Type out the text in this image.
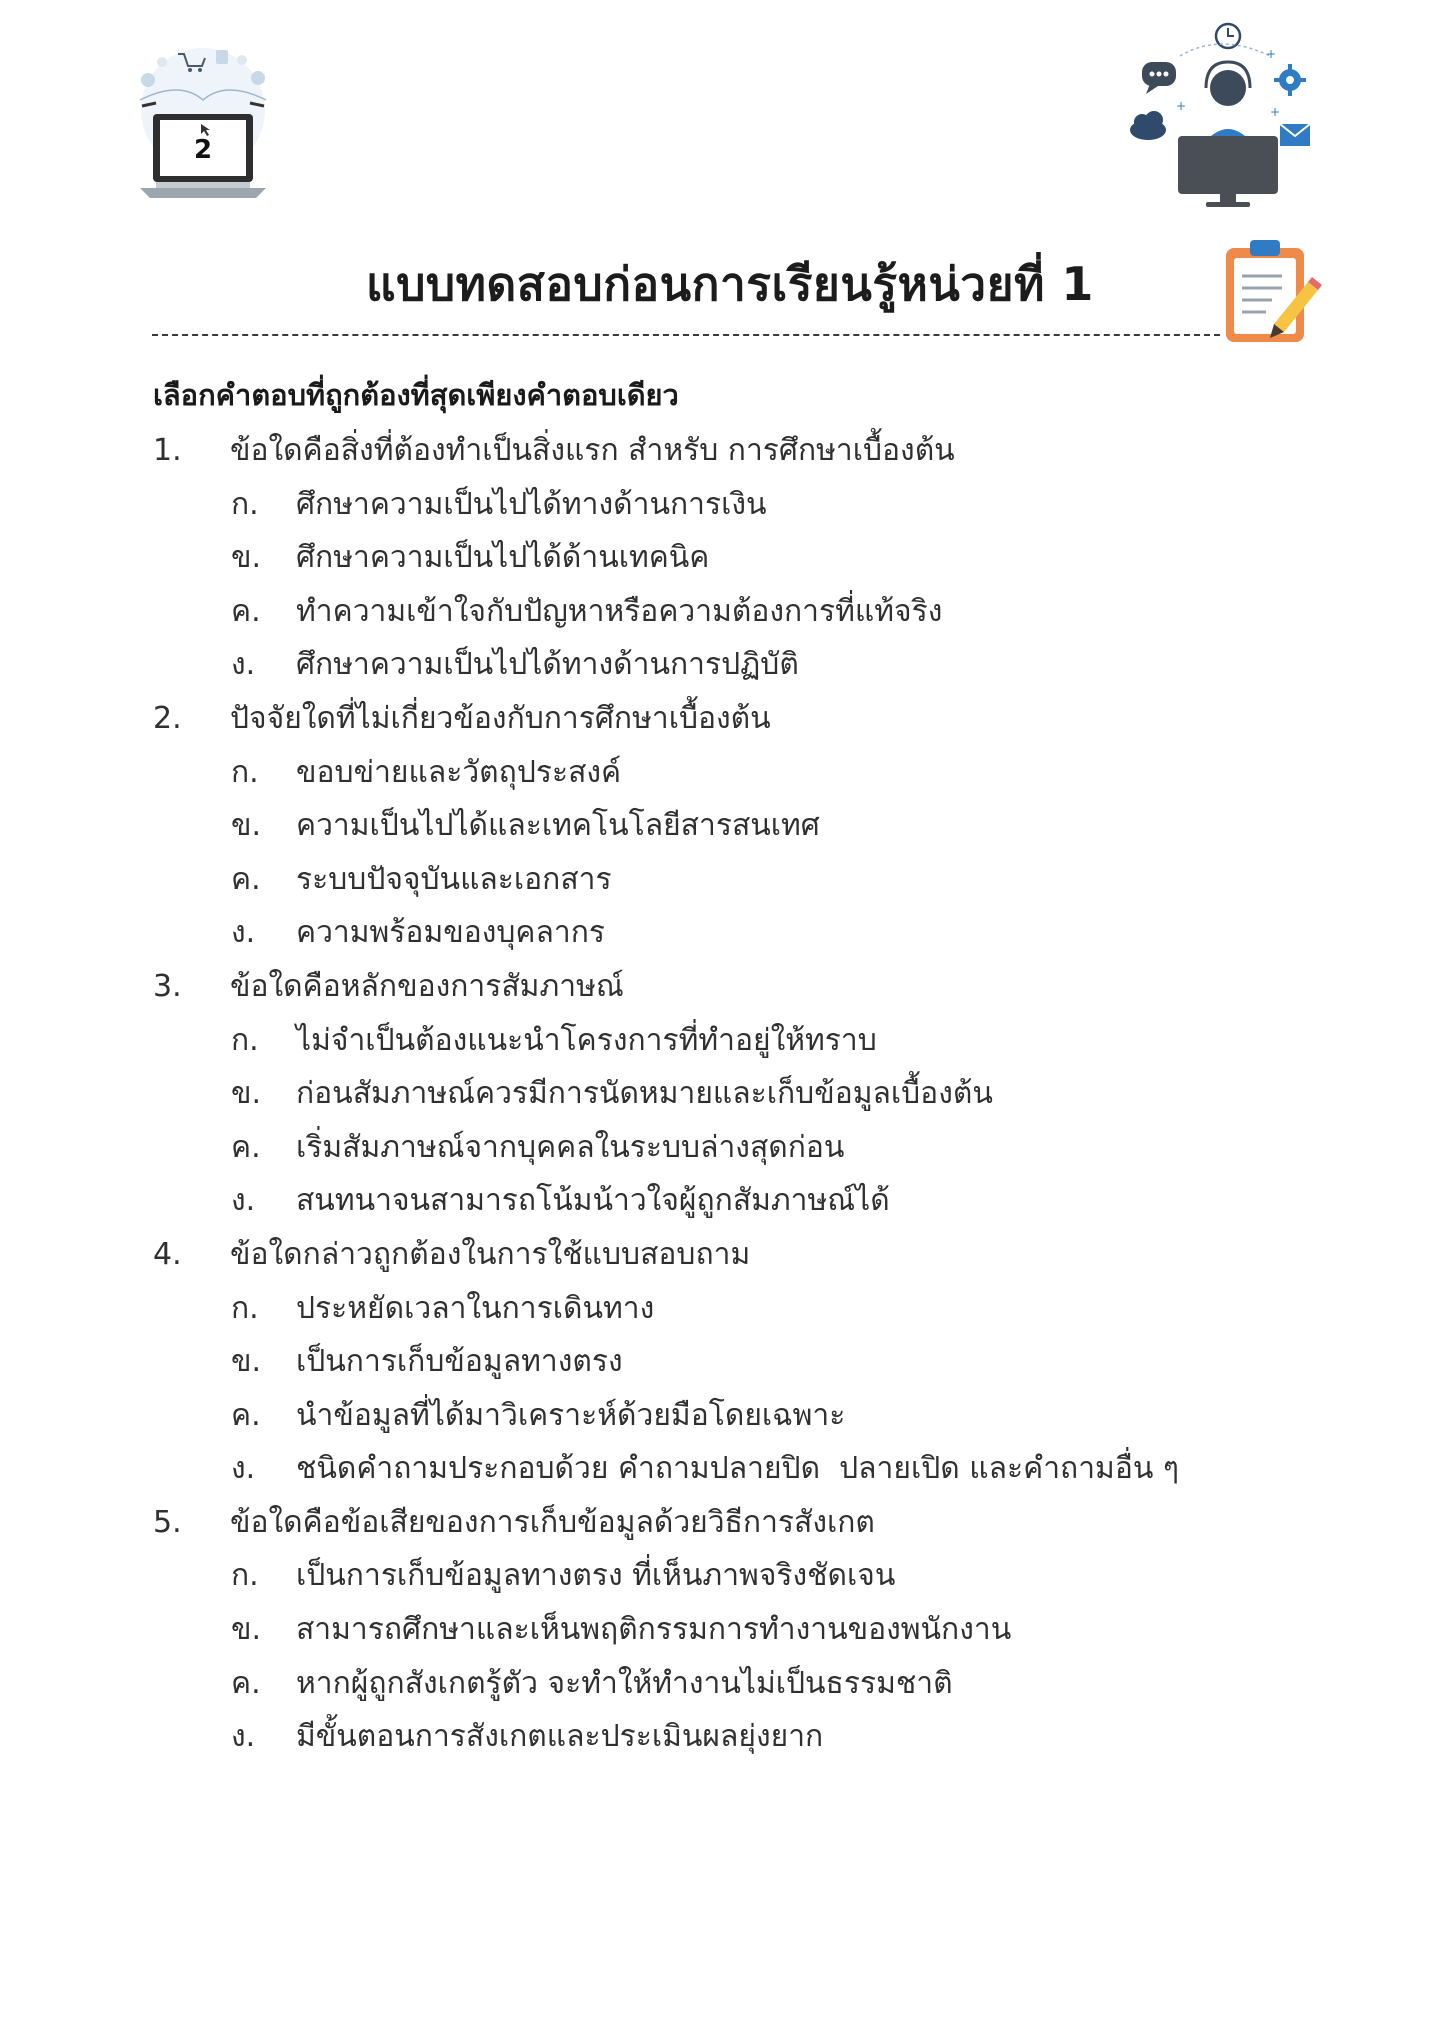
2
+
+
+
แบบทดสอบก่อนการเรียนรู้หน่วยที่ 1
เลือกคำตอบที่ถูกต้องที่สุดเพียงคำตอบเดียว
1.	ข้อใดคือสิ่งที่ต้องทำเป็นสิ่งแรก สำหรับ การศึกษาเบื้องต้น
ก.	ศึกษาความเป็นไปได้ทางด้านการเงิน
ข.	ศึกษาความเป็นไปได้ด้านเทคนิค
ค.	ทำความเข้าใจกับปัญหาหรือความต้องการที่แท้จริง
ง.	ศึกษาความเป็นไปได้ทางด้านการปฏิบัติ
2.	ปัจจัยใดที่ไม่เกี่ยวข้องกับการศึกษาเบื้องต้น
ก.	ขอบข่ายและวัตถุประสงค์
ข.	ความเป็นไปได้และเทคโนโลยีสารสนเทศ
ค.	ระบบปัจจุบันและเอกสาร
ง.	ความพร้อมของบุคลากร
3.	ข้อใดคือหลักของการสัมภาษณ์
ก.	ไม่จำเป็นต้องแนะนำโครงการที่ทำอยู่ให้ทราบ
ข.	ก่อนสัมภาษณ์ควรมีการนัดหมายและเก็บข้อมูลเบื้องต้น
ค.	เริ่มสัมภาษณ์จากบุคคลในระบบล่างสุดก่อน
ง.	สนทนาจนสามารถโน้มน้าวใจผู้ถูกสัมภาษณ์ได้
4.	ข้อใดกล่าวถูกต้องในการใช้แบบสอบถาม
ก.	ประหยัดเวลาในการเดินทาง
ข.	เป็นการเก็บข้อมูลทางตรง
ค.	นำข้อมูลที่ได้มาวิเคราะห์ด้วยมือโดยเฉพาะ
ง.	ชนิดคำถามประกอบด้วย คำถามปลายปิด  ปลายเปิด และคำถามอื่น ๆ
5.	ข้อใดคือข้อเสียของการเก็บข้อมูลด้วยวิธีการสังเกต
ก.	เป็นการเก็บข้อมูลทางตรง ที่เห็นภาพจริงชัดเจน
ข.	สามารถศึกษาและเห็นพฤติกรรมการทำงานของพนักงาน
ค.	หากผู้ถูกสังเกตรู้ตัว จะทำให้ทำงานไม่เป็นธรรมชาติ
ง.	มีขั้นตอนการสังเกตและประเมินผลยุ่งยาก
